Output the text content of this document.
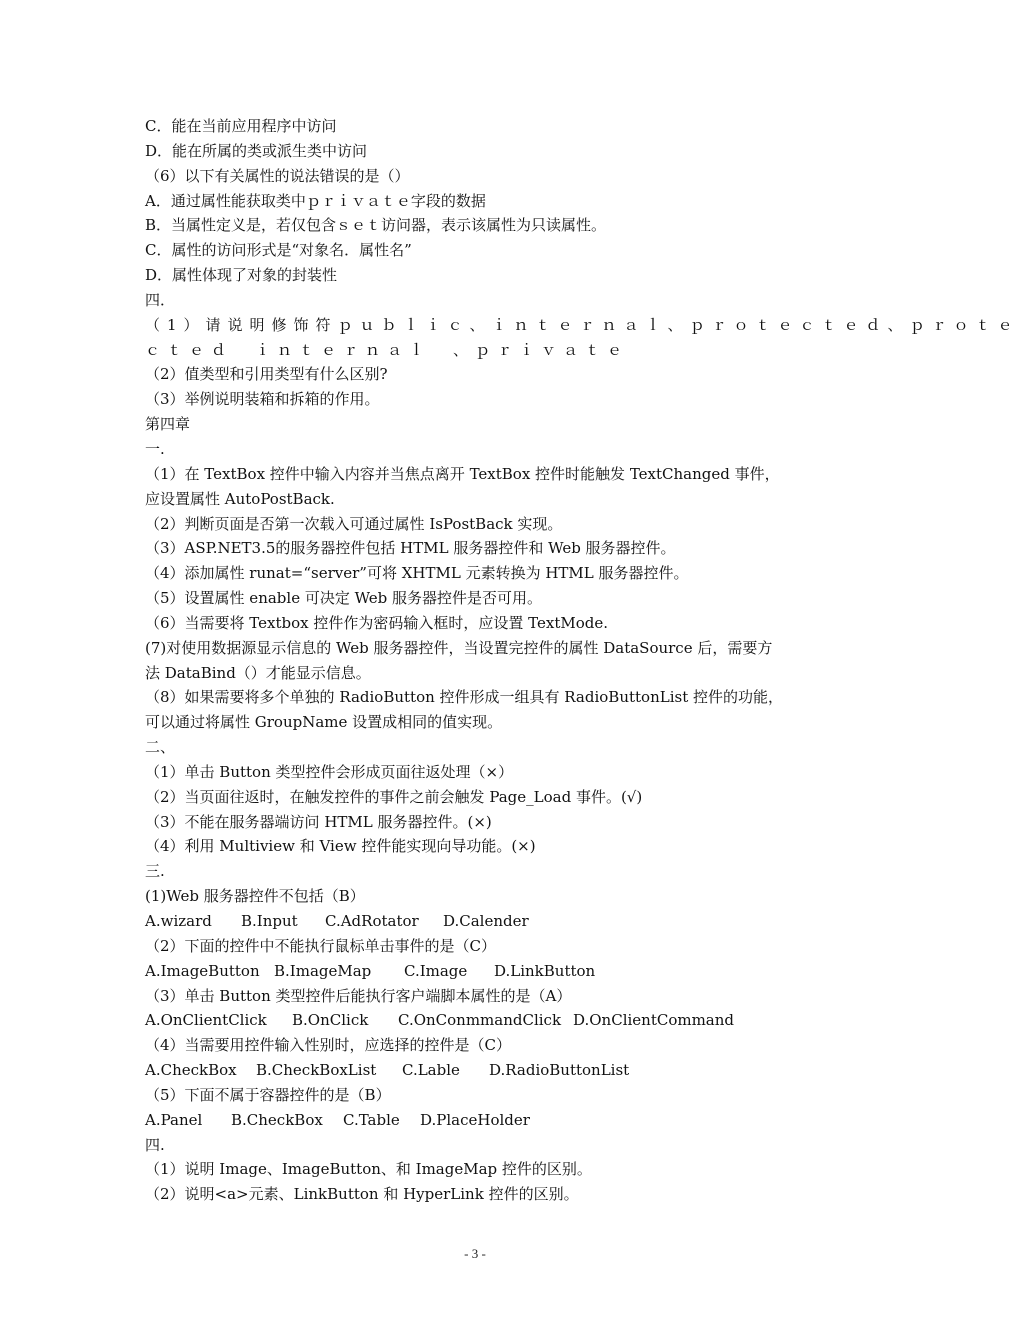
C．能在当前应用程序中访问
D．能在所属的类或派生类中访问
（6）以下有关属性的说法错误的是（）
A．通过属性能获取类中ｐｒｉｖａｔｅ字段的数据
B．当属性定义是，若仅包含ｓｅｔ访问器，表示该属性为只读属性。
C．属性的访问形式是“对象名．属性名”
D．属性体现了对象的封装性
四．
（1）请说明修饰符ｐｕｂｌｉｃ、ｉｎｔｅｒｎａｌ、ｐｒｏｔｅｃｔｅｄ、ｐｒｏｔｅ
ｃｔｅｄ　ｉｎｔｅｒｎａｌ　、ｐｒｉｖａｔｅ
（2）值类型和引用类型有什么区别?
（3）举例说明装箱和拆箱的作用。
第四章
一.
（1）在 TextBox 控件中输入内容并当焦点离开 TextBox 控件时能触发 TextChanged 事件，
应设置属性 AutoPostBack.
（2）判断页面是否第一次载入可通过属性 IsPostBack 实现。
（3）ASP.NET3.5的服务器控件包括 HTML 服务器控件和 Web 服务器控件。
（4）添加属性 runat=“server”可将 XHTML 元素转换为 HTML 服务器控件。
（5）设置属性 enable 可决定 Web 服务器控件是否可用。
（6）当需要将 Textbox 控件作为密码输入框时，应设置 TextMode.
(7)对使用数据源显示信息的 Web 服务器控件，当设置完控件的属性 DataSource 后，需要方
法 DataBind（）才能显示信息。
（8）如果需要将多个单独的 RadioButton 控件形成一组具有 RadioButtonList 控件的功能，
可以通过将属性 GroupName 设置成相同的值实现。
二、
（1）单击 Button 类型控件会形成页面往返处理（×）
（2）当页面往返时，在触发控件的事件之前会触发 Page_Load 事件。(√)
（3）不能在服务器端访问 HTML 服务器控件。(×)
（4）利用 Multiview 和 View 控件能实现向导功能。(×)
三.
(1)Web 服务器控件不包括（B）
A.wizard	B.Input	C.AdRotator	D.Calender
（2）下面的控件中不能执行鼠标单击事件的是（C）
A.ImageButton B.ImageMap	C.Image	D.LinkButton
（3）单击 Button 类型控件后能执行客户端脚本属性的是（A）
A.OnClientClick	B.OnClick	C.OnConmmandClick D.OnClientCommand
（4）当需要用控件输入性别时，应选择的控件是（C）
A.CheckBox	B.CheckBoxList	C.Lable	D.RadioButtonList
（5）下面不属于容器控件的是（B）
A.Panel	B.CheckBox	C.Table	D.PlaceHolder
四.
（1）说明 Image、ImageButton、和 ImageMap 控件的区别。
（2）说明<a>元素、LinkButton 和 HyperLink 控件的区别。
- 3 -
